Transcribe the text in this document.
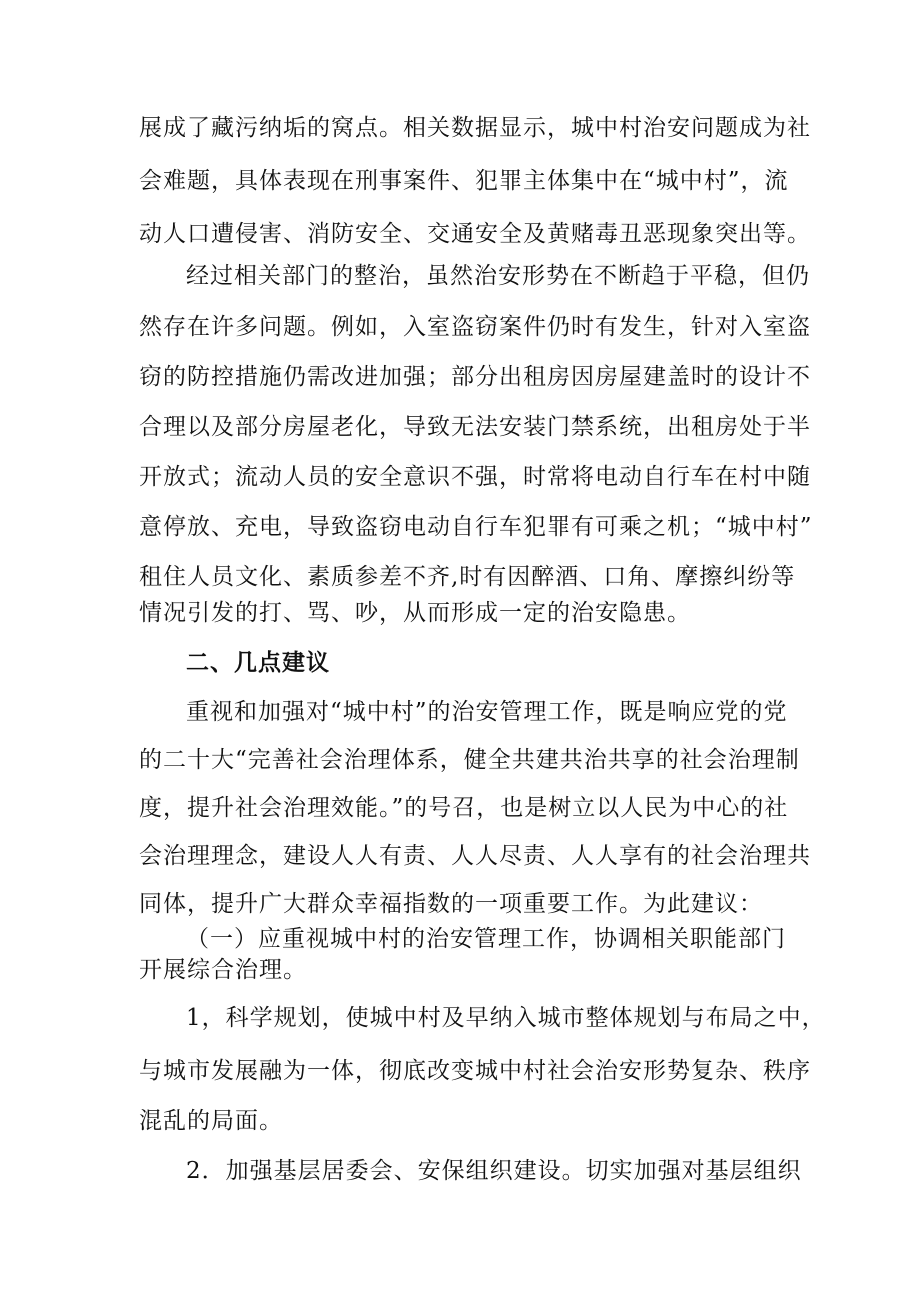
展成了藏污纳垢的窝点。相关数据显示，城中村治安问题成为社
会难题，具体表现在刑事案件、犯罪主体集中在“城中村”，流
动人口遭侵害、消防安全、交通安全及黄赌毒丑恶现象突出等。
经过相关部门的整治，虽然治安形势在不断趋于平稳，但仍
然存在许多问题。例如，入室盗窃案件仍时有发生，针对入室盗
窃的防控措施仍需改进加强；部分出租房因房屋建盖时的设计不
合理以及部分房屋老化，导致无法安装门禁系统，出租房处于半
开放式；流动人员的安全意识不强，时常将电动自行车在村中随
意停放、充电，导致盗窃电动自行车犯罪有可乘之机；“城中村”
租住人员文化、素质参差不齐,时有因醉酒、口角、摩擦纠纷等
情况引发的打、骂、吵，从而形成一定的治安隐患。
二、几点建议
重视和加强对“城中村”的治安管理工作，既是响应党的党
的二十大“完善社会治理体系，健全共建共治共享的社会治理制
度，提升社会治理效能。”的号召，也是树立以人民为中心的社
会治理理念，建设人人有责、人人尽责、人人享有的社会治理共
同体，提升广大群众幸福指数的一项重要工作。为此建议：
（一）应重视城中村的治安管理工作，协调相关职能部门
开展综合治理。
1，科学规划，使城中村及早纳入城市整体规划与布局之中，
与城市发展融为一体，彻底改变城中村社会治安形势复杂、秩序
混乱的局面。
2．加强基层居委会、安保组织建设。切实加强对基层组织
